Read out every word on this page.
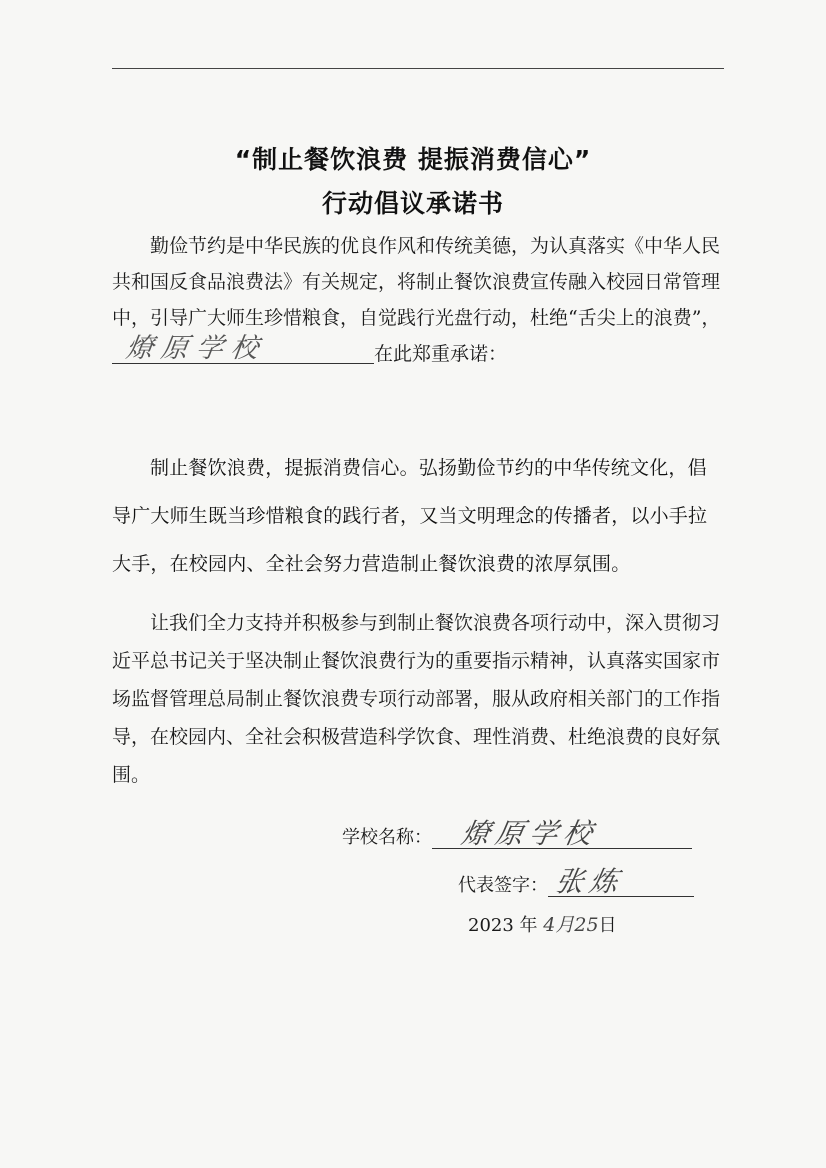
“制止餐饮浪费 提振消费信心”
行动倡议承诺书
勤俭节约是中华民族的优良作风和传统美德，为认真落实《中华人民共和国反食品浪费法》有关规定，将制止餐饮浪费宣传融入校园日常管理中，引导广大师生珍惜粮食，自觉践行光盘行动，杜绝“舌尖上的浪费”，
燎原学校	在此郑重承诺：
制止餐饮浪费，提振消费信心。弘扬勤俭节约的中华传统文化，倡导广大师生既当珍惜粮食的践行者，又当文明理念的传播者，以小手拉大手，在校园内、全社会努力营造制止餐饮浪费的浓厚氛围。
让我们全力支持并积极参与到制止餐饮浪费各项行动中，深入贯彻习近平总书记关于坚决制止餐饮浪费行为的重要指示精神，认真落实国家市场监督管理总局制止餐饮浪费专项行动部署，服从政府相关部门的工作指导，在校园内、全社会积极营造科学饮食、理性消费、杜绝浪费的良好氛围。
学校名称： 燎原学校
代表签字： 张炼
2023 年 4月25日
